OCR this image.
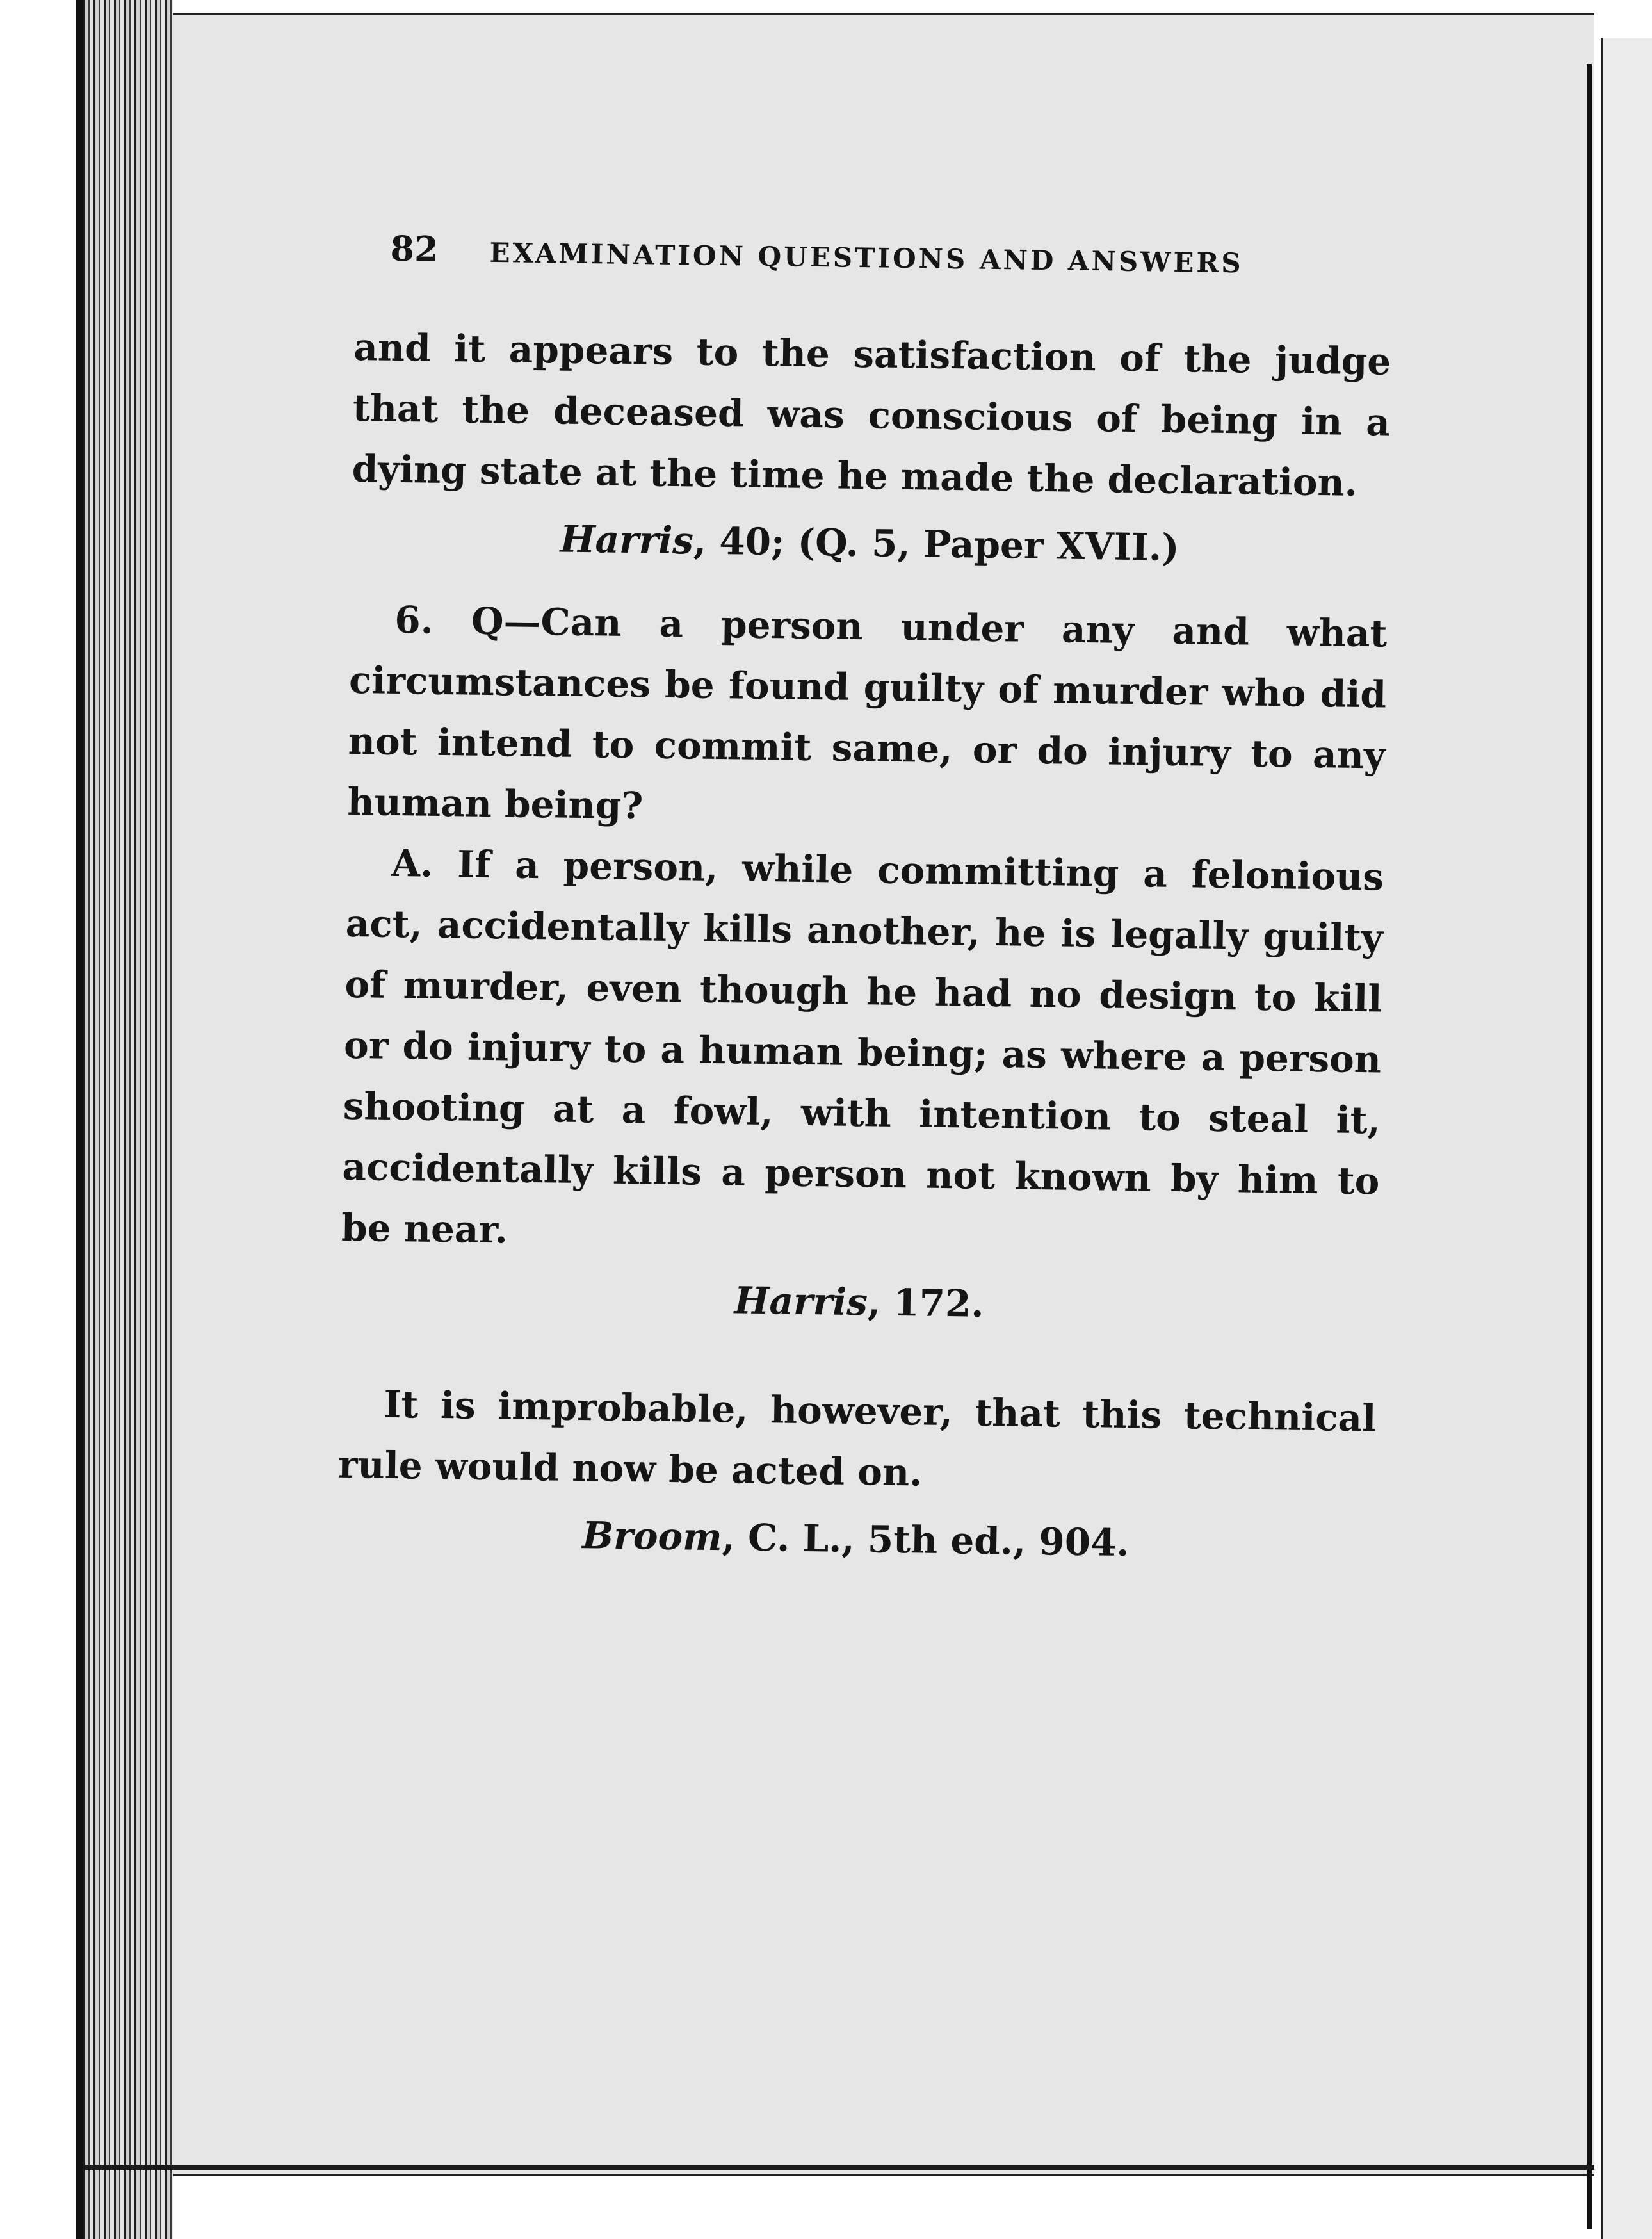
82 EXAMINATION QUESTIONS AND ANSWERS

and it appears to the satisfaction of the judge that the deceased was conscious of being in a dying state at the time he made the declaration.

Harris, 40; (Q. 5, Paper XVII.)

6. Q—Can a person under any and what circumstances be found guilty of murder who did not intend to commit same, or do injury to any human being?

A. If a person, while committing a felonious act, accidentally kills another, he is legally guilty of murder, even though he had no design to kill or do injury to a human being; as where a person shooting at a fowl, with intention to steal it, accidentally kills a person not known by him to be near.

Harris, 172.

It is improbable, however, that this technical rule would now be acted on.

Broom, C. L., 5th ed., 904.
